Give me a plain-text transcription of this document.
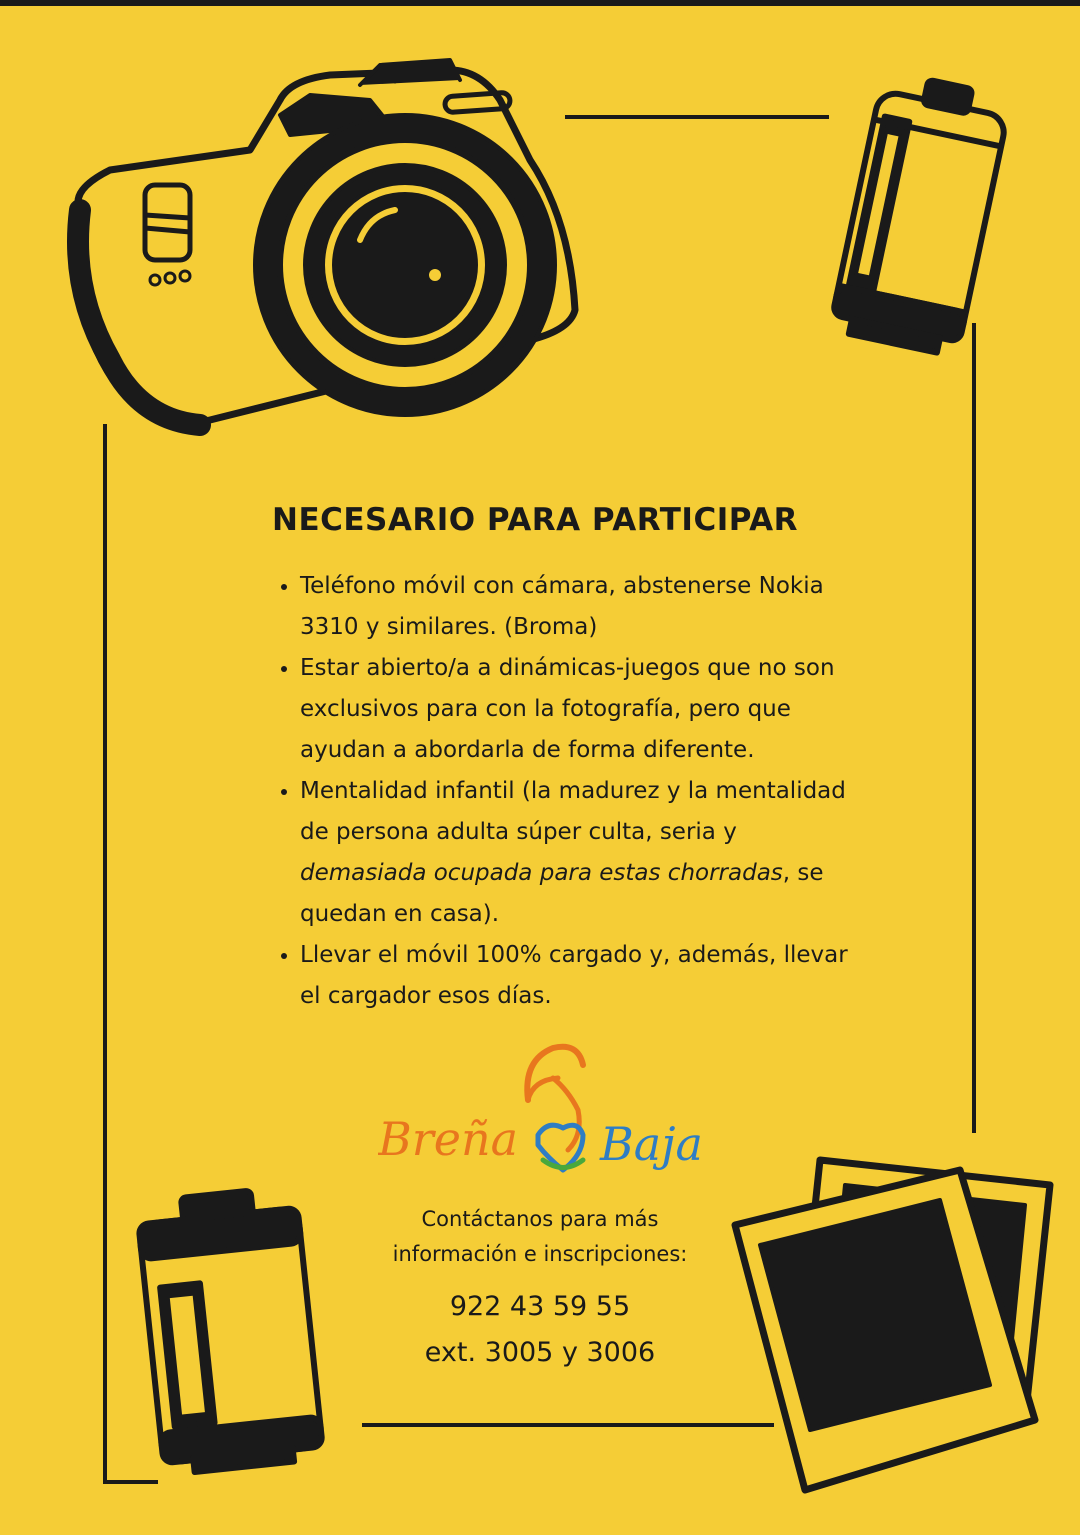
NECESARIO PARA PARTICIPAR
• Teléfono móvil con cámara, abstenerse Nokia 3310 y similares. (Broma)
• Estar abierto/a a dinámicas-juegos que no son exclusivos para con la fotografía, pero que ayudan a abordarla de forma diferente.
• Mentalidad infantil (la madurez y la mentalidad de persona adulta súper culta, seria y demasiada ocupada para estas chorradas, se quedan en casa).
• Llevar el móvil 100% cargado y, además, llevar el cargador esos días.
Breña Baja
Contáctanos para más
información e inscripciones:
922 43 59 55
ext. 3005 y 3006
